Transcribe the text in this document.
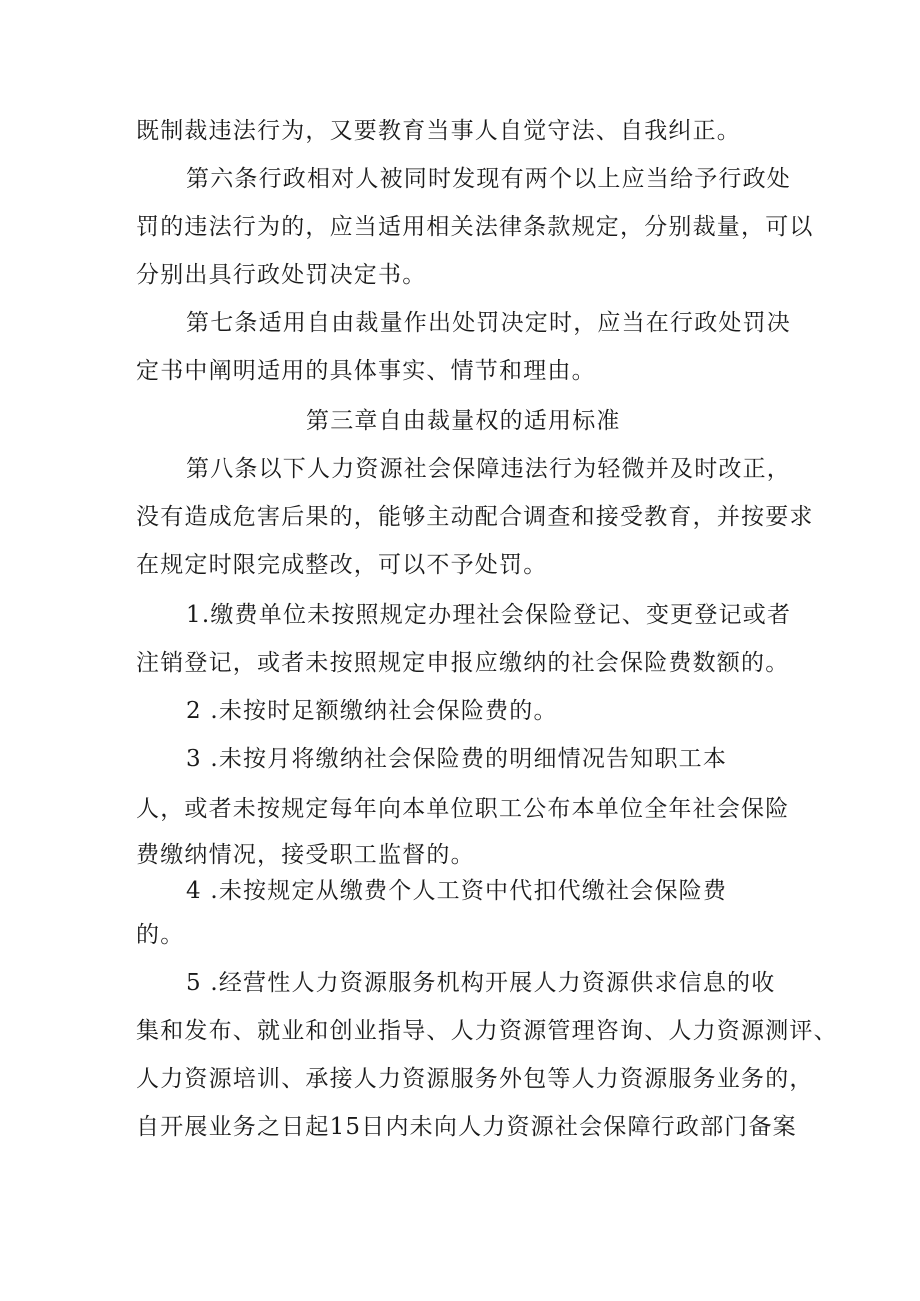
既制裁违法行为，又要教育当事人自觉守法、自我纠正。
第六条行政相对人被同时发现有两个以上应当给予行政处
罚的违法行为的，应当适用相关法律条款规定，分别裁量，可以
分别出具行政处罚决定书。
第七条适用自由裁量作出处罚决定时，应当在行政处罚决
定书中阐明适用的具体事实、情节和理由。
第三章自由裁量权的适用标准
第八条以下人力资源社会保障违法行为轻微并及时改正，
没有造成危害后果的，能够主动配合调查和接受教育，并按要求
在规定时限完成整改，可以不予处罚。
1.缴费单位未按照规定办理社会保险登记、变更登记或者
注销登记，或者未按照规定申报应缴纳的社会保险费数额的。
2 .未按时足额缴纳社会保险费的。
3 .未按月将缴纳社会保险费的明细情况告知职工本
人，或者未按规定每年向本单位职工公布本单位全年社会保险
费缴纳情况，接受职工监督的。
4 .未按规定从缴费个人工资中代扣代缴社会保险费
的。
5 .经营性人力资源服务机构开展人力资源供求信息的收
集和发布、就业和创业指导、人力资源管理咨询、人力资源测评、
人力资源培训、承接人力资源服务外包等人力资源服务业务的，
自开展业务之日起15日内未向人力资源社会保障行政部门备案
